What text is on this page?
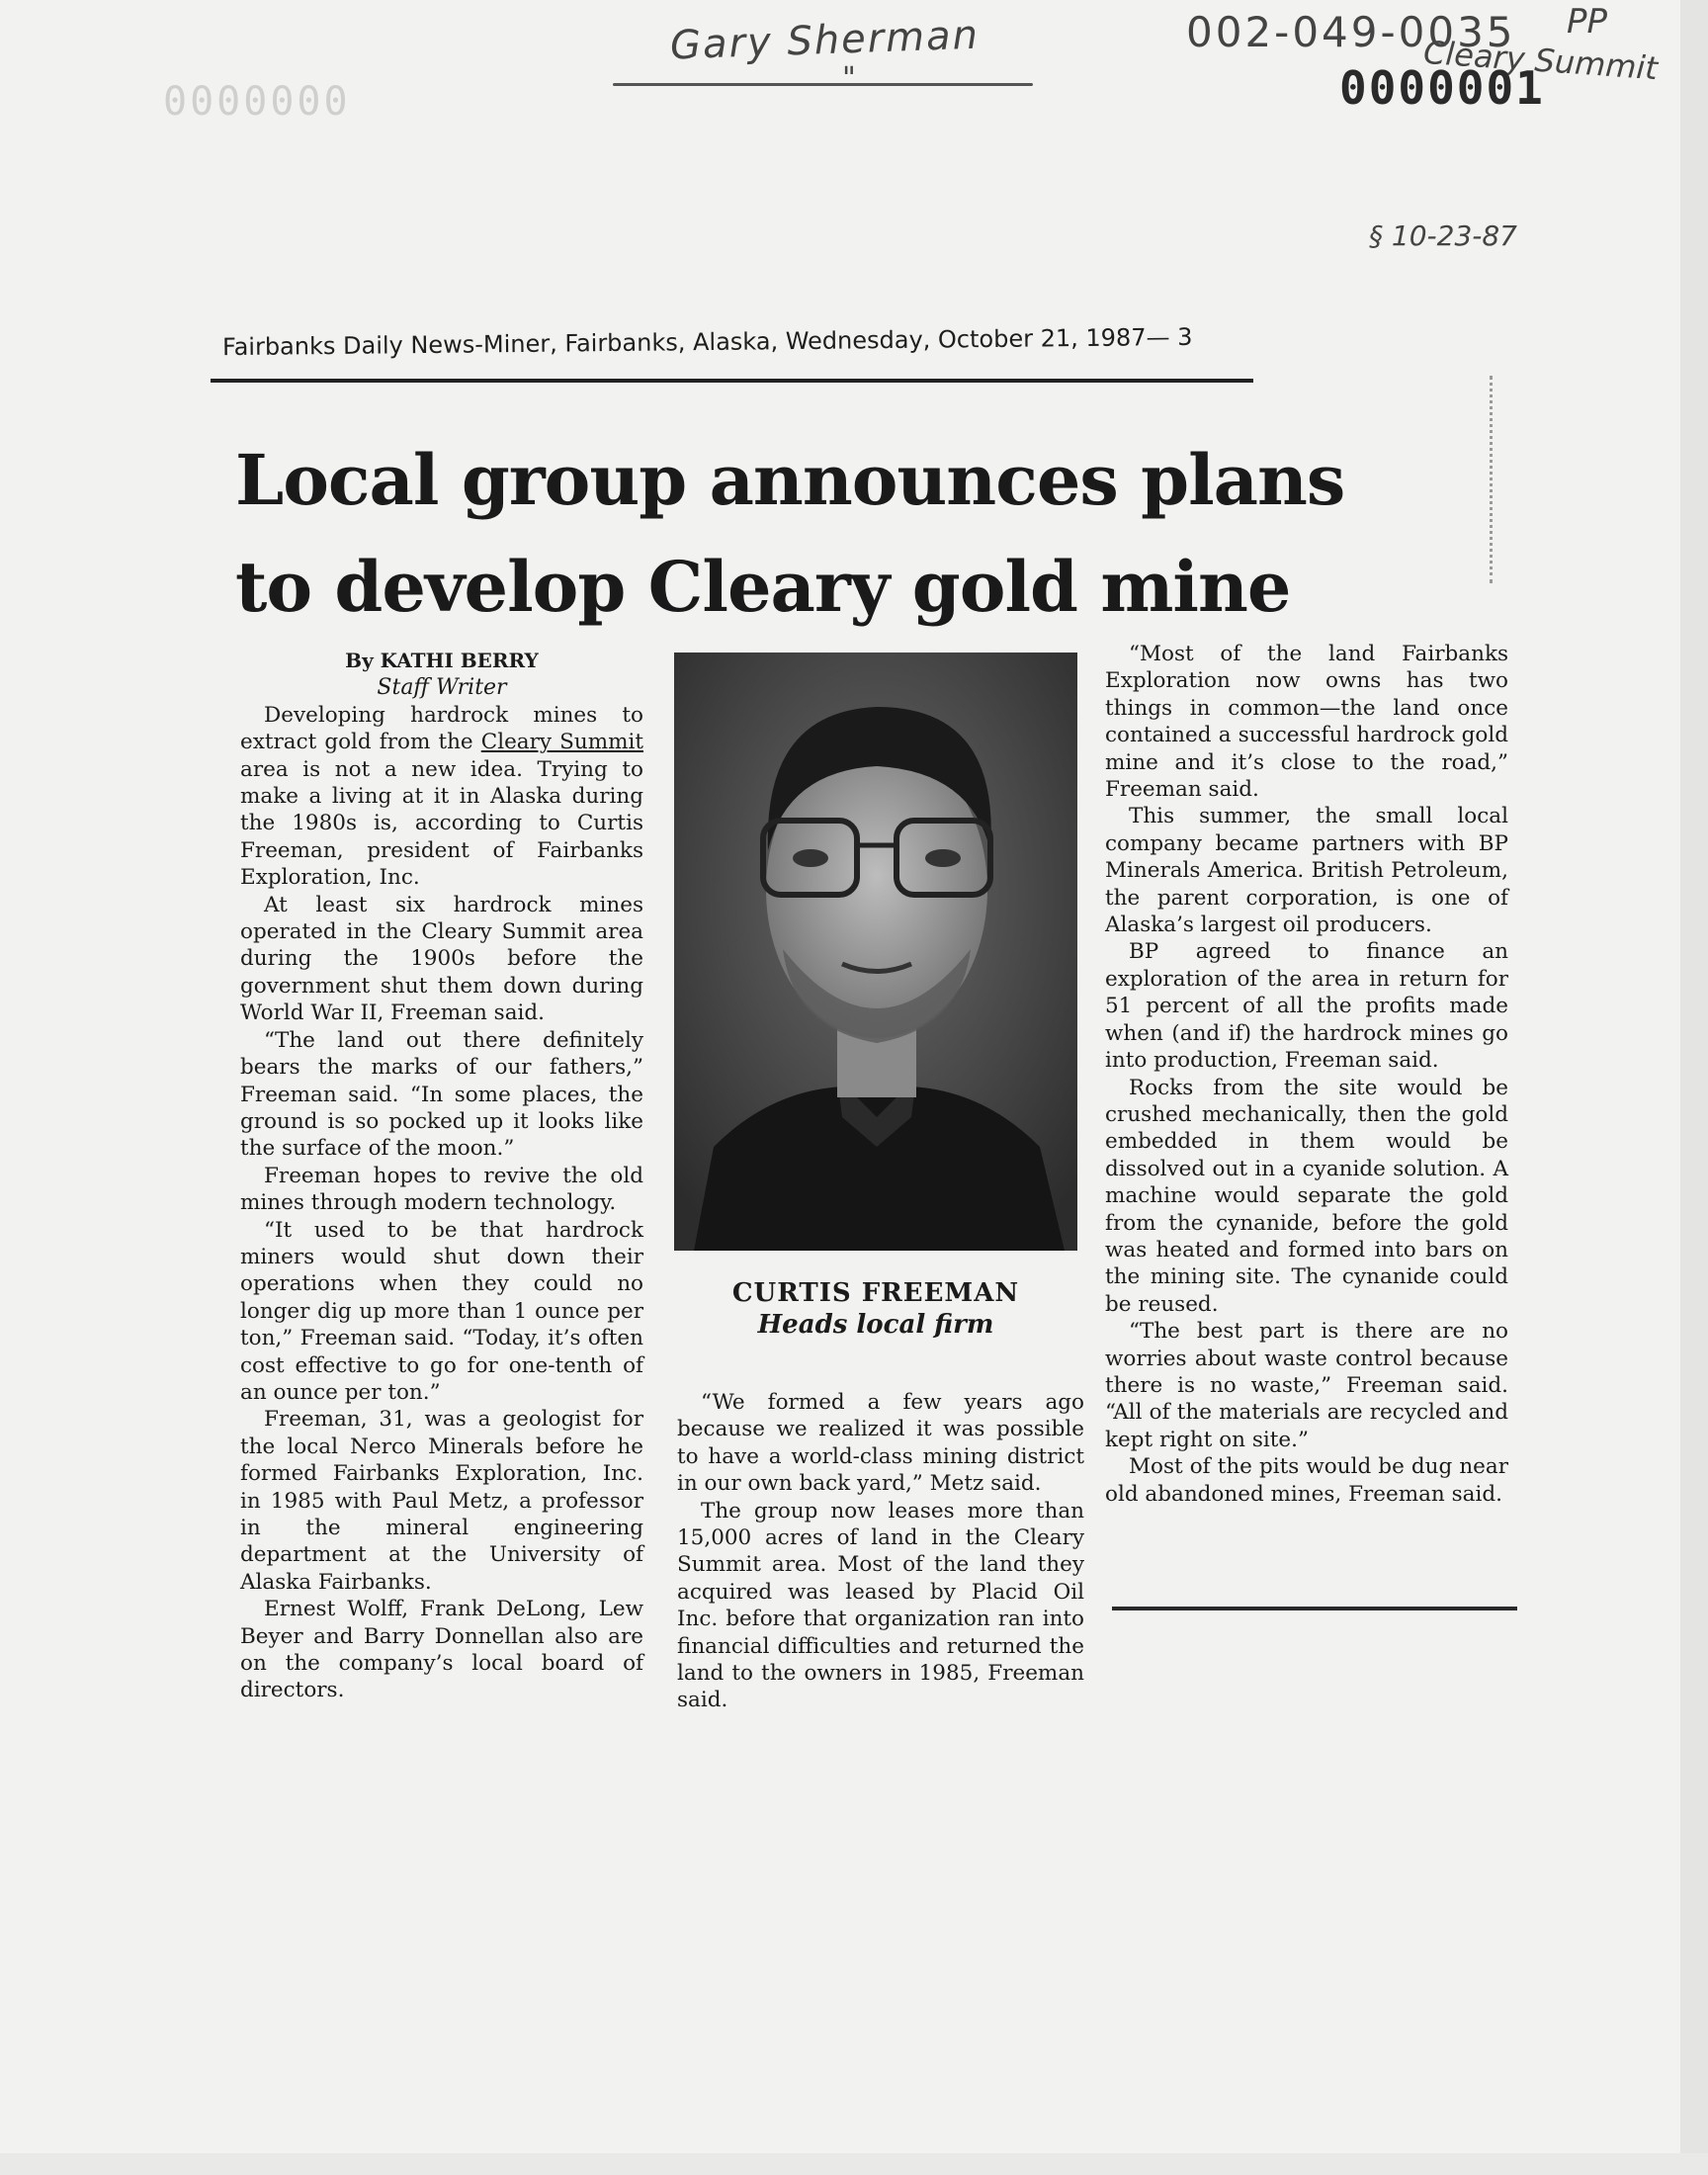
0000000
Gary Sherman
"
002-049-0035 PP
Cleary Summit
0000001
§ 10-23-87
Fairbanks Daily News-Miner, Fairbanks, Alaska, Wednesday, October 21, 1987— 3
Local group announces plans
to develop Cleary gold mine

By KATHI BERRY

Staff Writer

Developing hardrock mines to extract gold from the Cleary Summit area is not a new idea. Trying to make a living at it in Alaska during the 1980s is, according to Curtis Freeman, president of Fairbanks Exploration, Inc.

At least six hardrock mines operated in the Cleary Summit area during the 1900s before the government shut them down during World War II, Freeman said.

“The land out there definitely bears the marks of our fathers,” Freeman said. “In some places, the ground is so pocked up it looks like the surface of the moon.”

Freeman hopes to revive the old mines through modern technology.

“It used to be that hardrock miners would shut down their operations when they could no longer dig up more than 1 ounce per ton,” Freeman said. “Today, it’s often cost effective to go for one-tenth of an ounce per ton.”

Freeman, 31, was a geologist for the local Nerco Minerals before he formed Fairbanks Exploration, Inc. in 1985 with Paul Metz, a professor in the mineral engineering department at the University of Alaska Fairbanks.

Ernest Wolff, Frank DeLong, Lew Beyer and Barry Donnellan also are on the company’s local board of directors.

CURTIS FREEMAN
Heads local firm

“We formed a few years ago because we realized it was possible to have a world-class mining district in our own back yard,” Metz said.

The group now leases more than 15,000 acres of land in the Cleary Summit area. Most of the land they acquired was leased by Placid Oil Inc. before that organization ran into financial difficulties and returned the land to the owners in 1985, Freeman said.

“Most of the land Fairbanks Exploration now owns has two things in common—the land once contained a successful hardrock gold mine and it’s close to the road,” Freeman said.

This summer, the small local company became partners with BP Minerals America. British Petroleum, the parent corporation, is one of Alaska’s largest oil producers.

BP agreed to finance an exploration of the area in return for 51 percent of all the profits made when (and if) the hardrock mines go into production, Freeman said.

Rocks from the site would be crushed mechanically, then the gold embedded in them would be dissolved out in a cyanide solution. A machine would separate the gold from the cynanide, before the gold was heated and formed into bars on the mining site. The cynanide could be reused.

“The best part is there are no worries about waste control because there is no waste,” Freeman said. “All of the materials are recycled and kept right on site.”

Most of the pits would be dug near old abandoned mines, Freeman said.
